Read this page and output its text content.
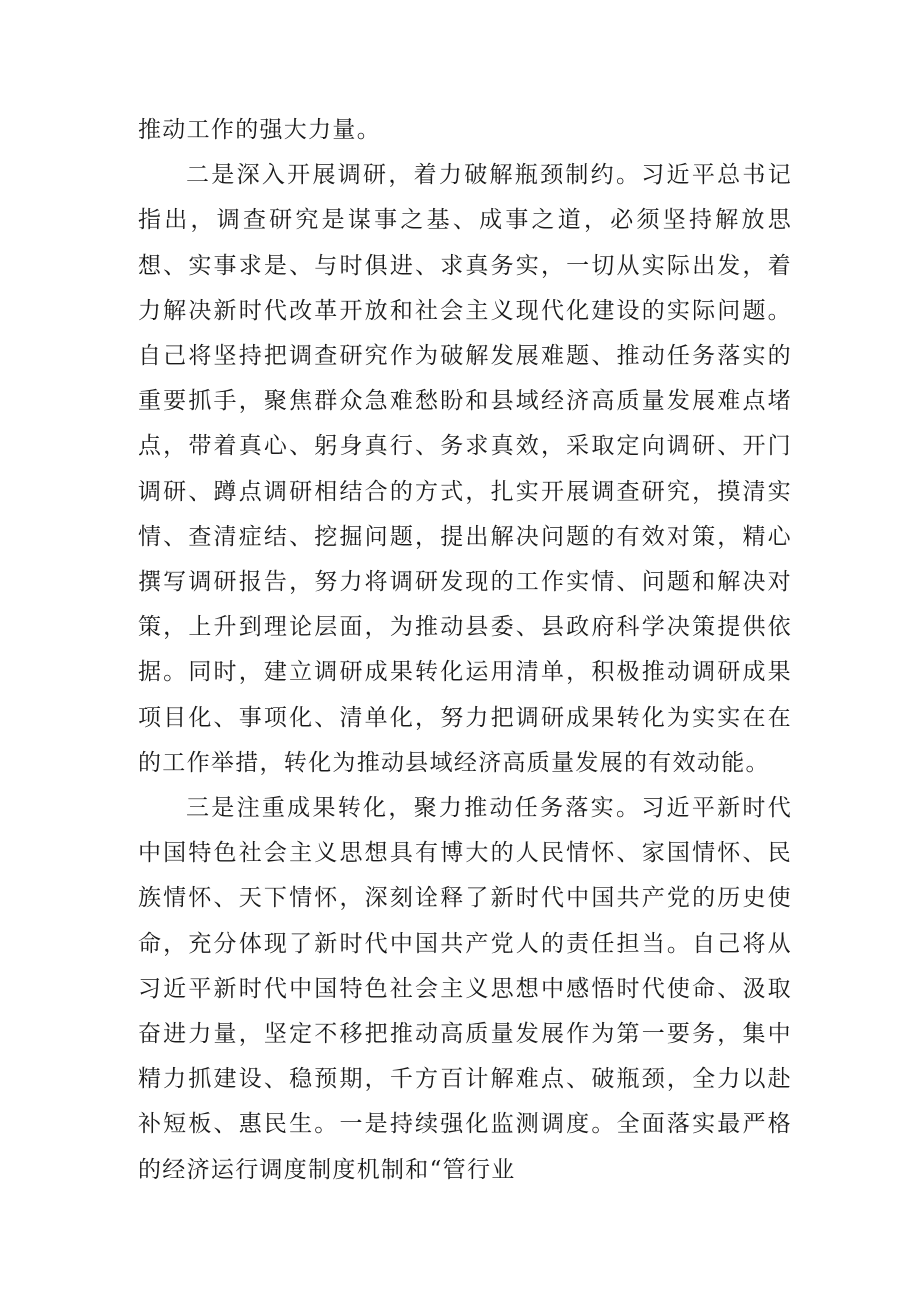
推动工作的强大力量。

二是深入开展调研，着力破解瓶颈制约。习近平总书记指出，调查研究是谋事之基、成事之道，必须坚持解放思想、实事求是、与时俱进、求真务实，一切从实际出发，着力解决新时代改革开放和社会主义现代化建设的实际问题。自己将坚持把调查研究作为破解发展难题、推动任务落实的重要抓手，聚焦群众急难愁盼和县域经济高质量发展难点堵点，带着真心、躬身真行、务求真效，采取定向调研、开门调研、蹲点调研相结合的方式，扎实开展调查研究，摸清实情、查清症结、挖掘问题，提出解决问题的有效对策，精心撰写调研报告，努力将调研发现的工作实情、问题和解决对策，上升到理论层面，为推动县委、县政府科学决策提供依据。同时，建立调研成果转化运用清单，积极推动调研成果项目化、事项化、清单化，努力把调研成果转化为实实在在的工作举措，转化为推动县域经济高质量发展的有效动能。

三是注重成果转化，聚力推动任务落实。习近平新时代中国特色社会主义思想具有博大的人民情怀、家国情怀、民族情怀、天下情怀，深刻诠释了新时代中国共产党的历史使命，充分体现了新时代中国共产党人的责任担当。自己将从习近平新时代中国特色社会主义思想中感悟时代使命、汲取奋进力量，坚定不移把推动高质量发展作为第一要务，集中精力抓建设、稳预期，千方百计解难点、破瓶颈，全力以赴补短板、惠民生。一是持续强化监测调度。全面落实最严格的经济运行调度制度机制和“管行业
